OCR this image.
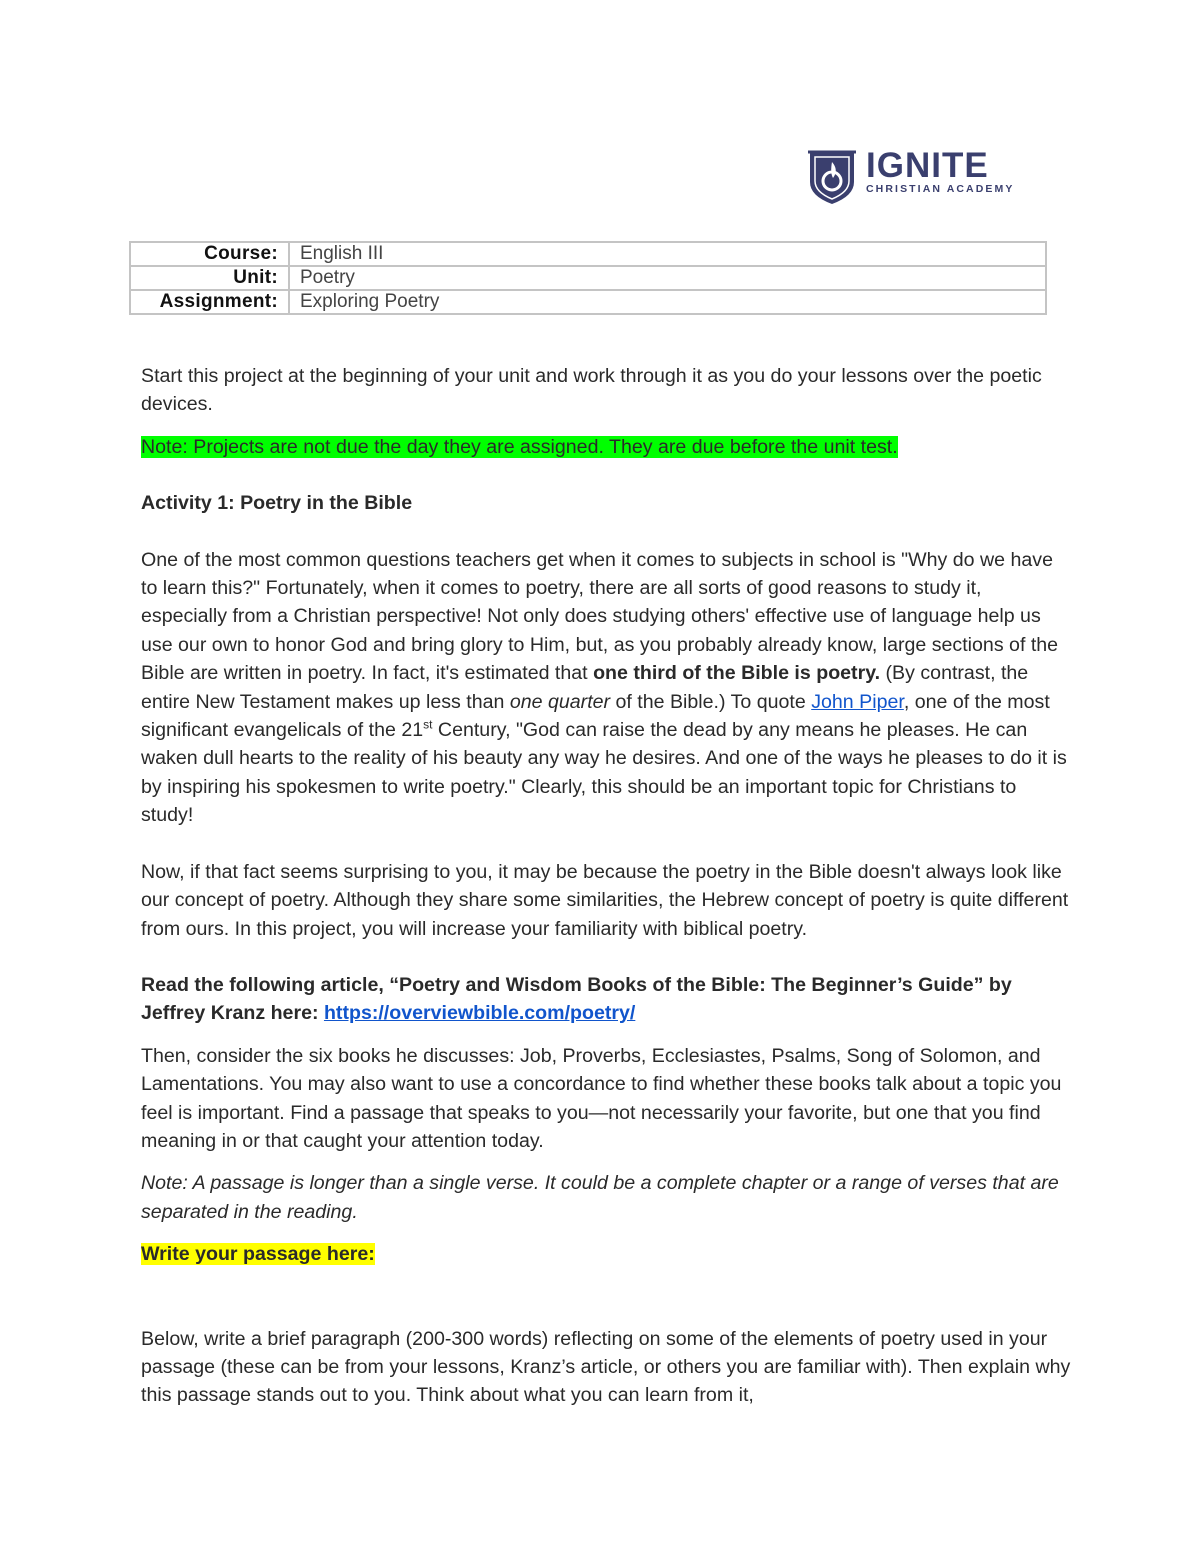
IGNITE
CHRISTIAN ACADEMY
Course:	English III
Unit:	Poetry
Assignment:	Exploring Poetry

Start this project at the beginning of your unit and work through it as you do your lessons over the poetic devices.

Note: Projects are not due the day they are assigned. They are due before the unit test.

Activity 1: Poetry in the Bible

One of the most common questions teachers get when it comes to subjects in school is "Why do we have to learn this?" Fortunately, when it comes to poetry, there are all sorts of good reasons to study it, especially from a Christian perspective! Not only does studying others' effective use of language help us use our own to honor God and bring glory to Him, but, as you probably already know, large sections of the Bible are written in poetry. In fact, it's estimated that one third of the Bible is poetry. (By contrast, the entire New Testament makes up less than one quarter of the Bible.) To quote John Piper, one of the most significant evangelicals of the 21st Century, "God can raise the dead by any means he pleases. He can waken dull hearts to the reality of his beauty any way he desires. And one of the ways he pleases to do it is by inspiring his spokesmen to write poetry." Clearly, this should be an important topic for Christians to study!

Now, if that fact seems surprising to you, it may be because the poetry in the Bible doesn't always look like our concept of poetry. Although they share some similarities, the Hebrew concept of poetry is quite different from ours. In this project, you will increase your familiarity with biblical poetry.

Read the following article, “Poetry and Wisdom Books of the Bible: The Beginner’s Guide” by Jeffrey Kranz here: https://overviewbible.com/poetry/

Then, consider the six books he discusses: Job, Proverbs, Ecclesiastes, Psalms, Song of Solomon, and Lamentations. You may also want to use a concordance to find whether these books talk about a topic you feel is important. Find a passage that speaks to you—not necessarily your favorite, but one that you find meaning in or that caught your attention today.

Note: A passage is longer than a single verse. It could be a complete chapter or a range of verses that are separated in the reading.

Write your passage here:

Below, write a brief paragraph (200-300 words) reflecting on some of the elements of poetry used in your passage (these can be from your lessons, Kranz’s article, or others you are familiar with). Then explain why this passage stands out to you. Think about what you can learn from it,
